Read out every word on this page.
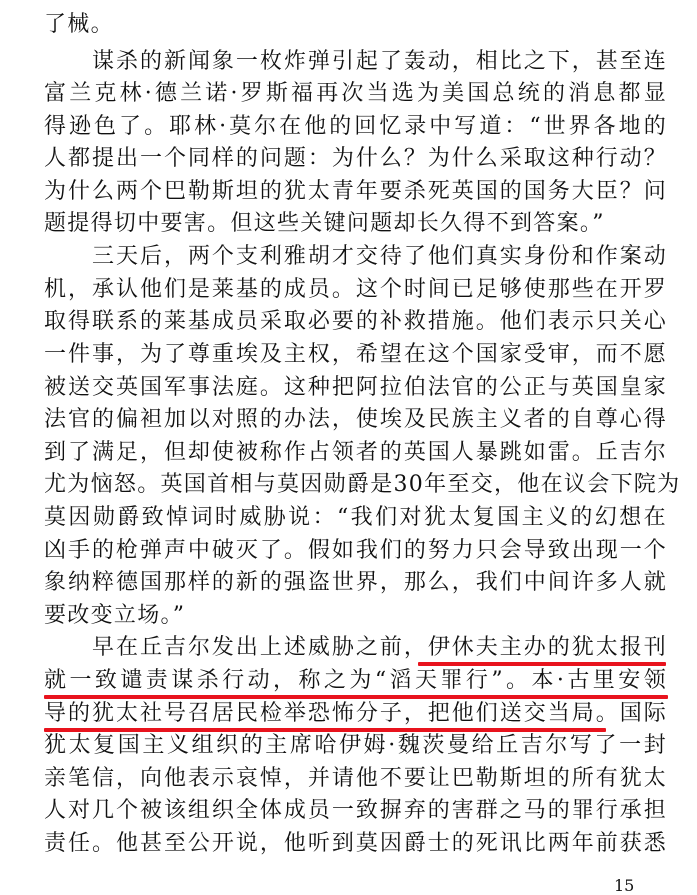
了械。
谋杀的新闻象一枚炸弹引起了轰动，相比之下，甚至连
富兰克林·德兰诺·罗斯福再次当选为美国总统的消息都显
得逊色了。耶林·莫尔在他的回忆录中写道：“世界各地的
人都提出一个同样的问题：为什么？为什么采取这种行动？
为什么两个巴勒斯坦的犹太青年要杀死英国的国务大臣？问
题提得切中要害。但这些关键问题却长久得不到答案。”
三天后，两个支利雅胡才交待了他们真实身份和作案动
机，承认他们是莱基的成员。这个时间已足够使那些在开罗
取得联系的莱基成员采取必要的补救措施。他们表示只关心
一件事，为了尊重埃及主权，希望在这个国家受审，而不愿
被送交英国军事法庭。这种把阿拉伯法官的公正与英国皇家
法官的偏袒加以对照的办法，使埃及民族主义者的自尊心得
到了满足，但却使被称作占领者的英国人暴跳如雷。丘吉尔
尤为恼怒。英国首相与莫因勋爵是30年至交，他在议会下院为
莫因勋爵致悼词时威胁说：“我们对犹太复国主义的幻想在
凶手的枪弹声中破灭了。假如我们的努力只会导致出现一个
象纳粹德国那样的新的强盗世界，那么，我们中间许多人就
要改变立场。”
早在丘吉尔发出上述威胁之前，伊休夫主办的犹太报刊
就一致谴责谋杀行动，称之为“滔天罪行”。本·古里安领
导的犹太社号召居民检举恐怖分子，把他们送交当局。国际
犹太复国主义组织的主席哈伊姆·魏茨曼给丘吉尔写了一封
亲笔信，向他表示哀悼，并请他不要让巴勒斯坦的所有犹太
人对几个被该组织全体成员一致摒弃的害群之马的罪行承担
责任。他甚至公开说，他听到莫因爵士的死讯比两年前获悉
15
